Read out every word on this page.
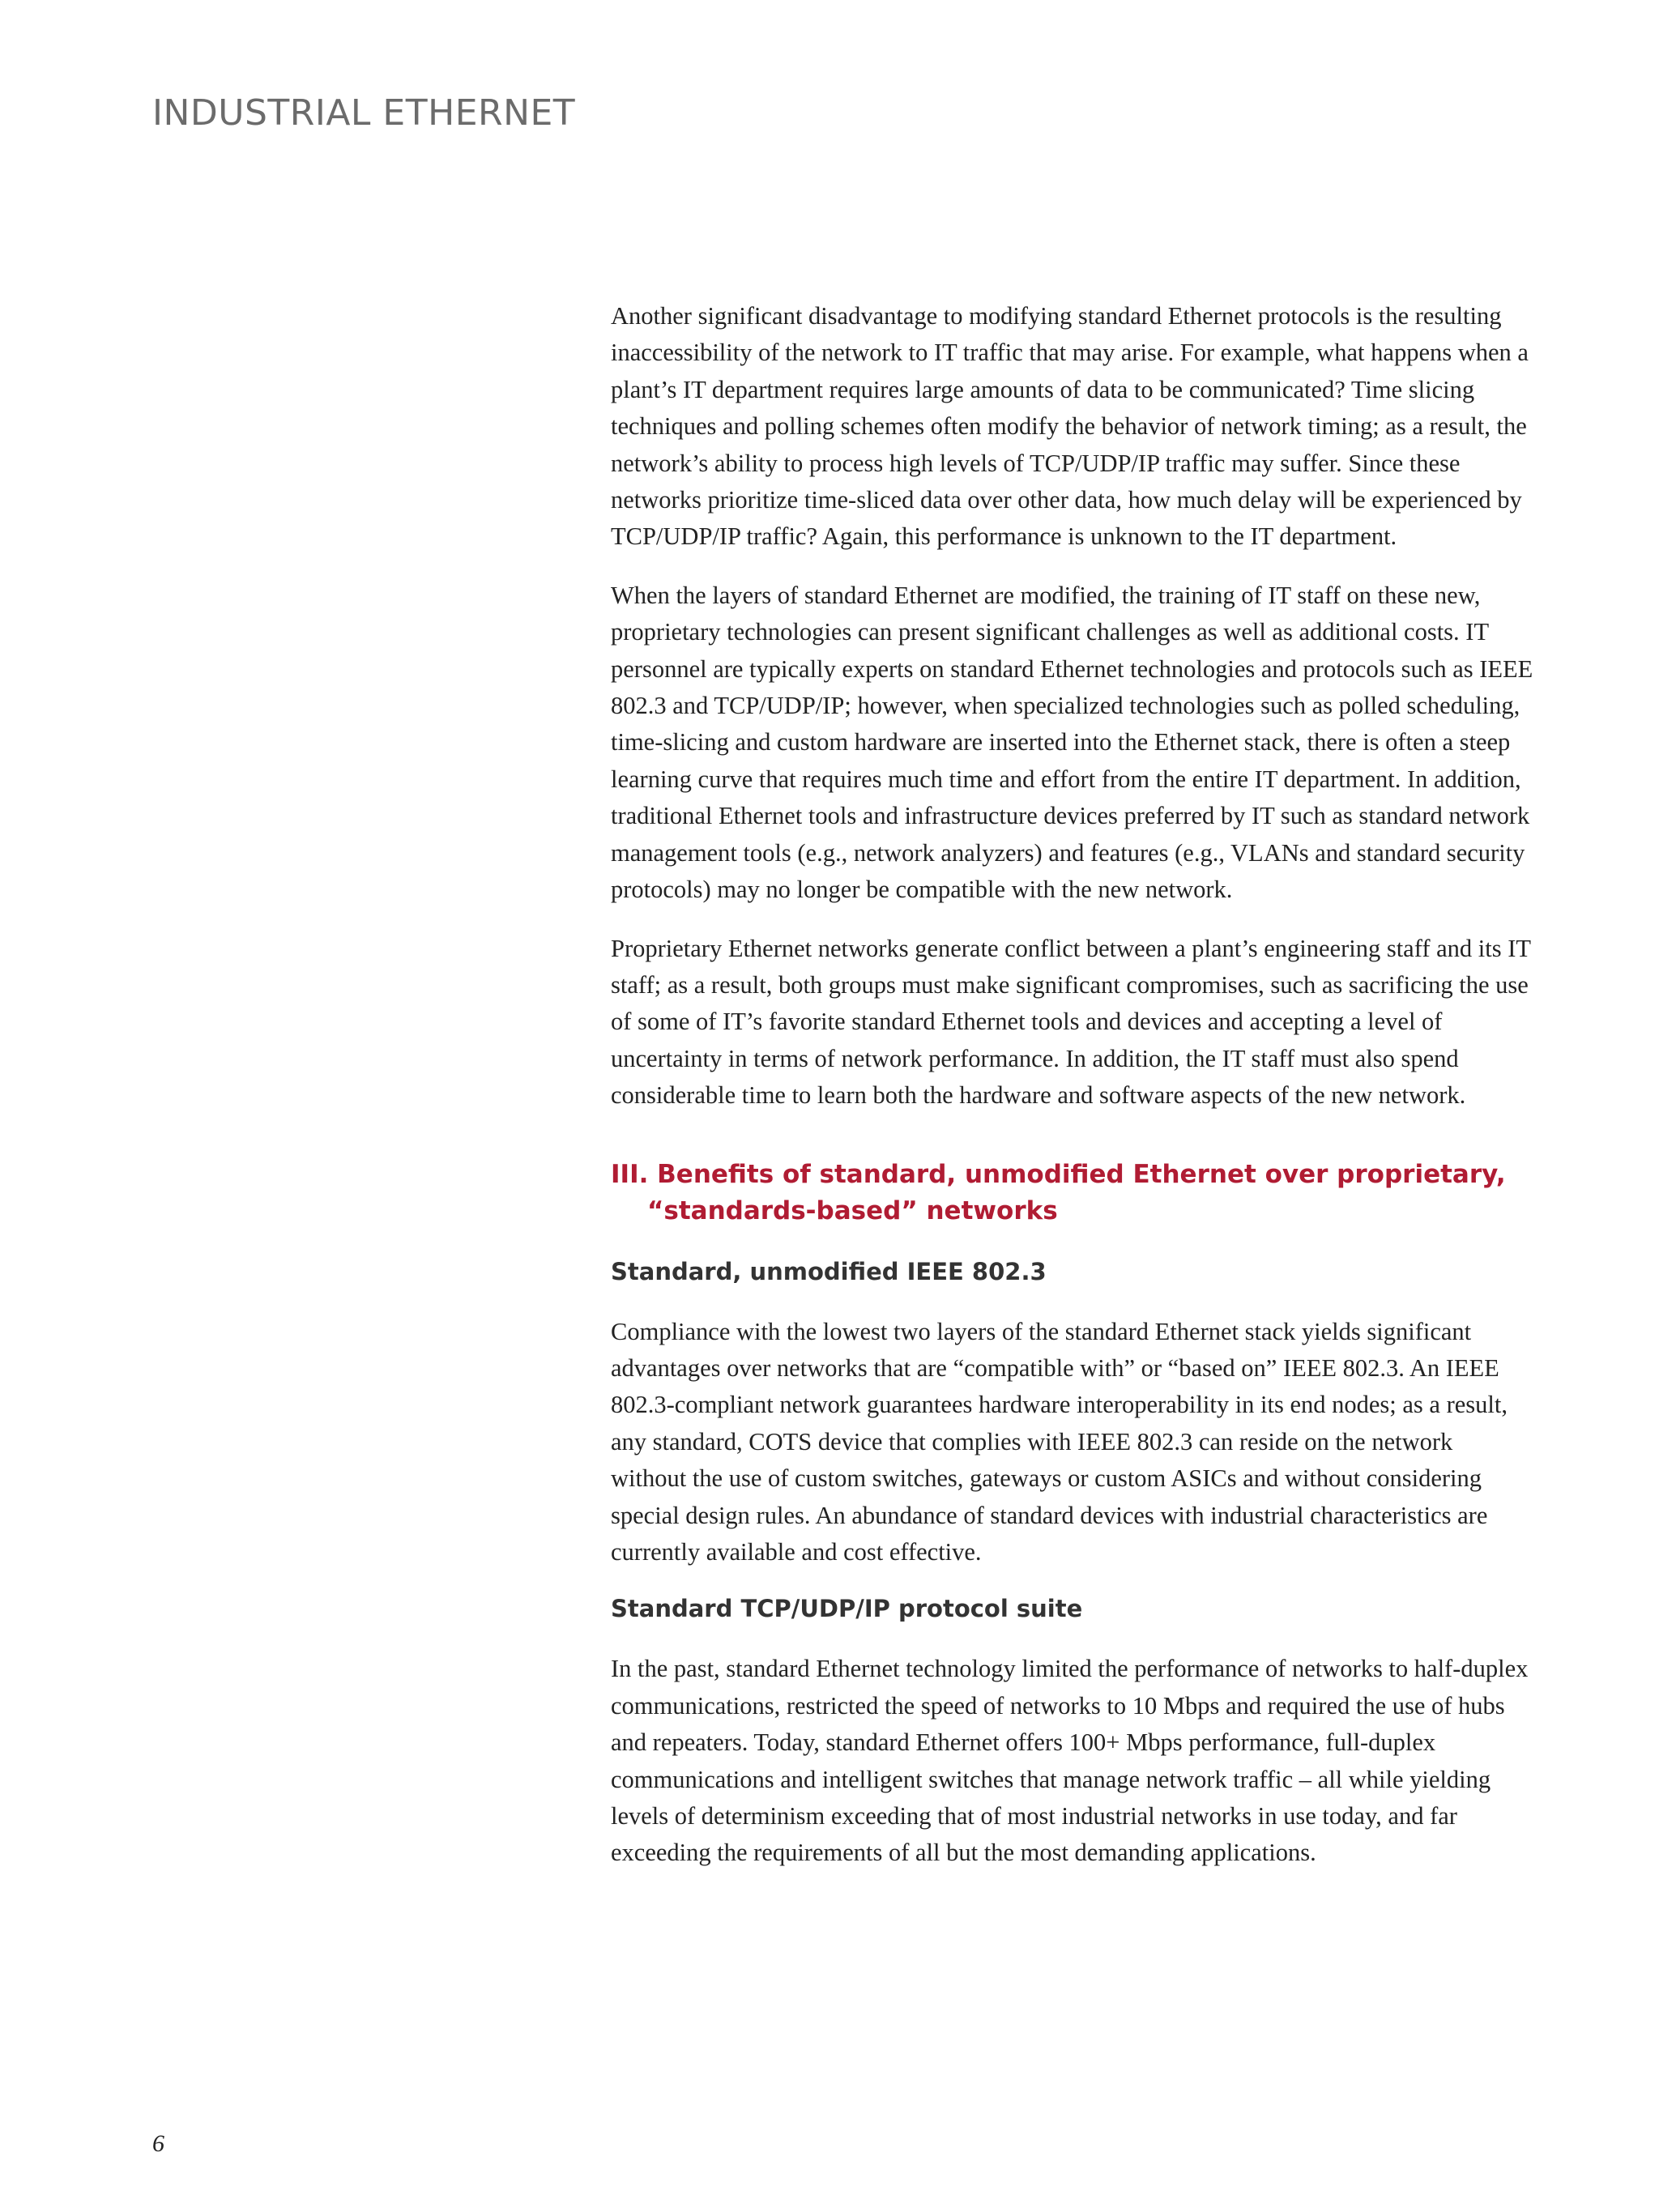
INDUSTRIAL ETHERNET

Another significant disadvantage to modifying standard Ethernet protocols is the resulting inaccessibility of the network to IT traffic that may arise. For example, what happens when a plant’s IT department requires large amounts of data to be communicated? Time slicing techniques and polling schemes often modify the behavior of network timing; as a result, the network’s ability to process high levels of TCP/UDP/IP traffic may suffer. Since these networks prioritize time-sliced data over other data, how much delay will be experienced by TCP/UDP/IP traffic? Again, this performance is unknown to the IT department.

When the layers of standard Ethernet are modified, the training of IT staff on these new, proprietary technologies can present significant challenges as well as additional costs. IT personnel are typically experts on standard Ethernet technologies and protocols such as IEEE 802.3 and TCP/UDP/IP; however, when specialized technologies such as polled scheduling, time-slicing and custom hardware are inserted into the Ethernet stack, there is often a steep learning curve that requires much time and effort from the entire IT department. In addition, traditional Ethernet tools and infrastructure devices preferred by IT such as standard network management tools (e.g., network analyzers) and features (e.g., VLANs and standard security protocols) may no longer be compatible with the new network.

Proprietary Ethernet networks generate conflict between a plant’s engineering staff and its IT staff; as a result, both groups must make significant compromises, such as sacrificing the use of some of IT’s favorite standard Ethernet tools and devices and accepting a level of uncertainty in terms of network performance. In addition, the IT staff must also spend considerable time to learn both the hardware and software aspects of the new network.

III. Benefits of standard, unmodified Ethernet over proprietary, “standards-based” networks
Standard, unmodified IEEE 802.3

Compliance with the lowest two layers of the standard Ethernet stack yields significant advantages over networks that are “compatible with” or “based on” IEEE 802.3. An IEEE 802.3-compliant network guarantees hardware interoperability in its end nodes; as a result, any standard, COTS device that complies with IEEE 802.3 can reside on the network without the use of custom switches, gateways or custom ASICs and without considering special design rules. An abundance of standard devices with industrial characteristics are currently available and cost effective.

Standard TCP/UDP/IP protocol suite

In the past, standard Ethernet technology limited the performance of networks to half-duplex communications, restricted the speed of networks to 10 Mbps and required the use of hubs and repeaters. Today, standard Ethernet offers 100+ Mbps performance, full-duplex communications and intelligent switches that manage network traffic – all while yielding levels of determinism exceeding that of most industrial networks in use today, and far exceeding the requirements of all but the most demanding applications.

6
